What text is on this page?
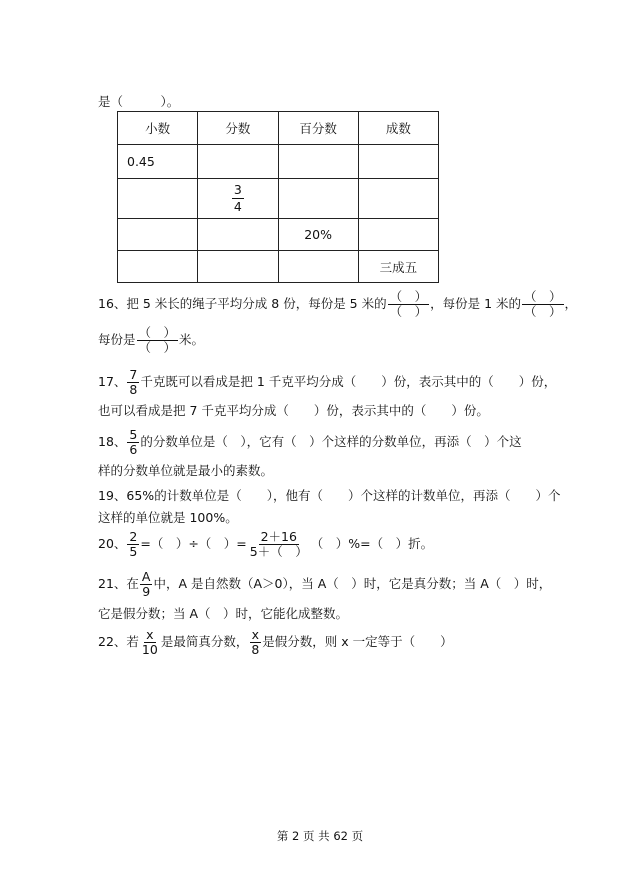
是（　　　）。
小数	分数	百分数	成数
0.45			

	$\frac{3}{4}$

		20%	
			三成五
16、把 5 米长的绳子平均分成 8 份，每份是 5 米的 $\frac{( )}{( )}$ ，每份是 1 米的 $\frac{( )}{( )}$ ，
每份是 $\frac{( )}{( )}$ 米。
17、 $\frac{7}{8}$ 千克既可以看成是把 1 千克平均分成（　　）份，表示其中的（　　）份，
也可以看成是把 7 千克平均分成（　　）份，表示其中的（　　）份。
18、 $\frac{5}{6}$ 的分数单位是（　），它有（　）个这样的分数单位，再添（　）个这
样的分数单位就是最小的素数。
19、65%的计数单位是（　　），他有（　　）个这样的计数单位，再添（　　）个
这样的单位就是 100%。
20、 $\frac{2}{5}$ =（　）÷（　）= $\frac{2+16}{5+( )}$ （　）%=（　）折。
21、在 $\frac{A}{9}$ 中，A 是自然数（A＞0），当 A（　）时，它是真分数；当 A（　）时，
它是假分数；当 A（　）时，它能化成整数。
22、若 $\frac{x}{10}$ 是最简真分数， $\frac{x}{8}$ 是假分数，则 x 一定等于（　　）
第 2 页 共 62 页
